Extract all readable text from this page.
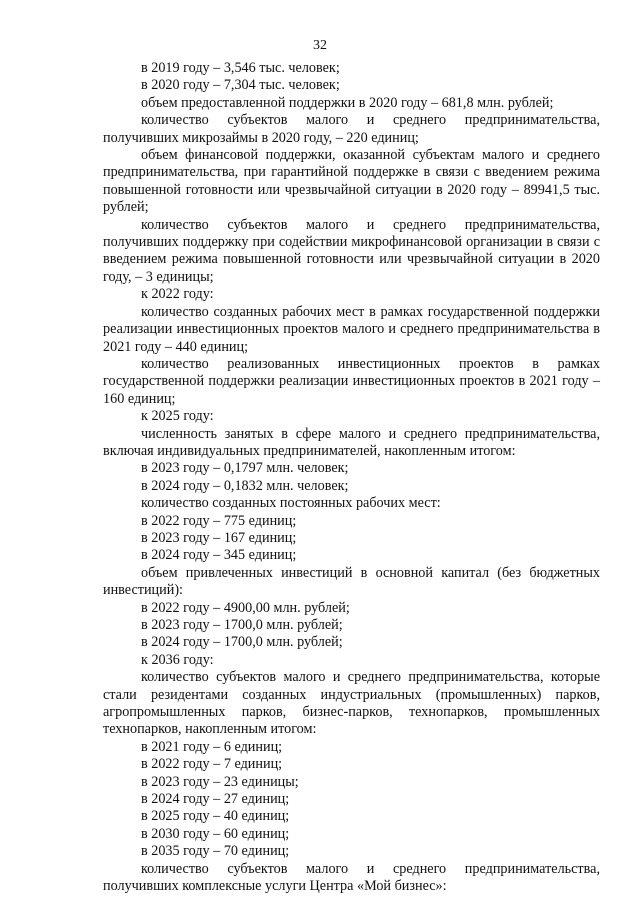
32

в 2019 году – 3,546 тыс. человек;

в 2020 году – 7,304 тыс. человек;

объем предоставленной поддержки в 2020 году – 681,8 млн. рублей;

количество субъектов малого и среднего предпринимательства, получивших микрозаймы в 2020 году, – 220 единиц;

объем финансовой поддержки, оказанной субъектам малого и среднего предпринимательства, при гарантийной поддержке в связи с введением режима повышенной готовности или чрезвычайной ситуации в 2020 году – 89941,5 тыс. рублей;

количество субъектов малого и среднего предпринимательства, получивших поддержку при содействии микрофинансовой организации в связи с введением режима повышенной готовности или чрезвычайной ситуации в 2020 году, – 3 единицы;

к 2022 году:

количество созданных рабочих мест в рамках государственной поддержки реализации инвестиционных проектов малого и среднего предпринимательства в 2021 году – 440 единиц;

количество реализованных инвестиционных проектов в рамках государственной поддержки реализации инвестиционных проектов в 2021 году – 160 единиц;

к 2025 году:

численность занятых в сфере малого и среднего предпринимательства, включая индивидуальных предпринимателей, накопленным итогом:

в 2023 году – 0,1797 млн. человек;

в 2024 году – 0,1832 млн. человек;

количество созданных постоянных рабочих мест:

в 2022 году – 775 единиц;

в 2023 году – 167 единиц;

в 2024 году – 345 единиц;

объем привлеченных инвестиций в основной капитал (без бюджетных инвестиций):

в 2022 году – 4900,00 млн. рублей;

в 2023 году – 1700,0 млн. рублей;

в 2024 году – 1700,0 млн. рублей;

к 2036 году:

количество субъектов малого и среднего предпринимательства, которые стали резидентами созданных индустриальных (промышленных) парков, агропромышленных парков, бизнес-парков, технопарков, промышленных технопарков, накопленным итогом:

в 2021 году – 6 единиц;

в 2022 году – 7 единиц;

в 2023 году – 23 единицы;

в 2024 году – 27 единиц;

в 2025 году – 40 единиц;

в 2030 году – 60 единиц;

в 2035 году – 70 единиц;

количество субъектов малого и среднего предпринимательства, получивших комплексные услуги Центра «Мой бизнес»:
